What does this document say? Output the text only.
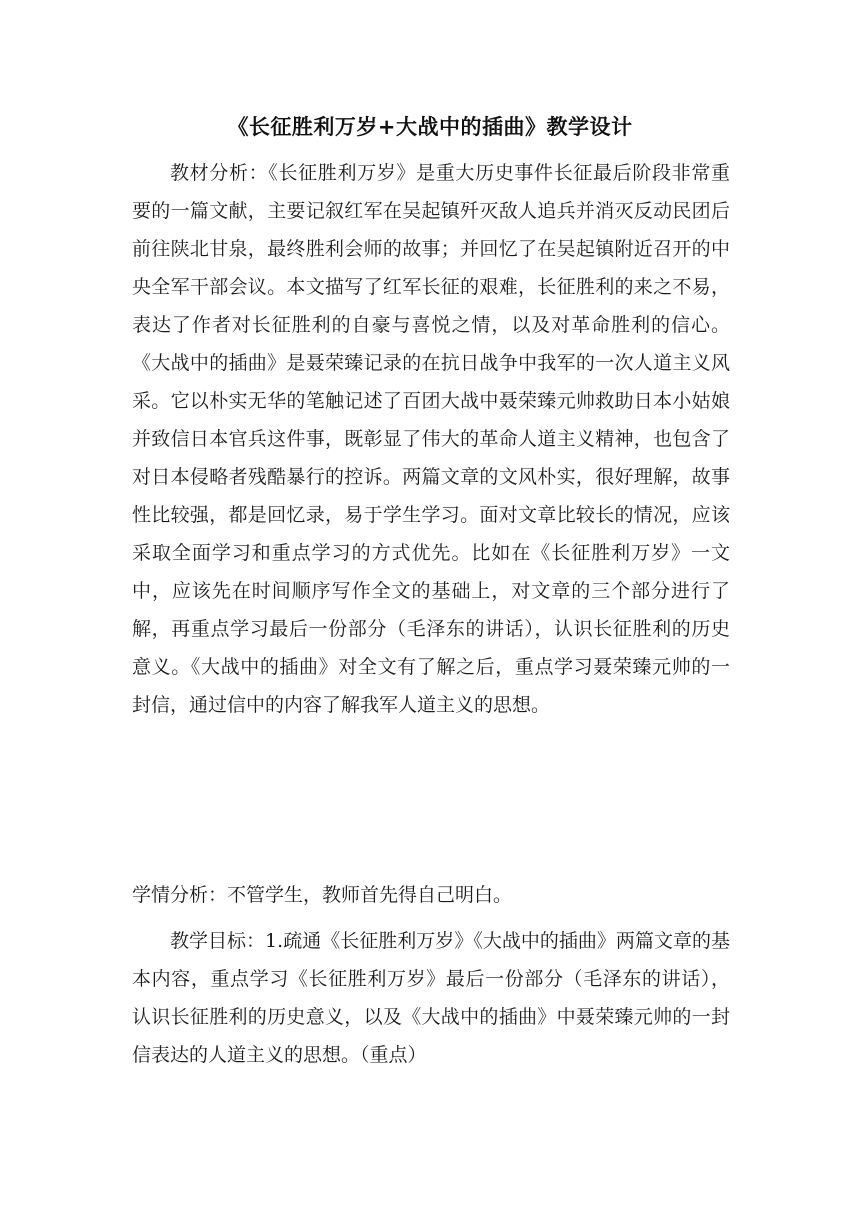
《长征胜利万岁+大战中的插曲》教学设计
教材分析：《长征胜利万岁》是重大历史事件长征最后阶段非常重要的一篇文献，主要记叙红军在吴起镇歼灭敌人追兵并消灭反动民团后前往陕北甘泉，最终胜利会师的故事；并回忆了在吴起镇附近召开的中央全军干部会议。本文描写了红军长征的艰难，长征胜利的来之不易，表达了作者对长征胜利的自豪与喜悦之情，以及对革命胜利的信心。《大战中的插曲》是聂荣臻记录的在抗日战争中我军的一次人道主义风采。它以朴实无华的笔触记述了百团大战中聂荣臻元帅救助日本小姑娘并致信日本官兵这件事，既彰显了伟大的革命人道主义精神，也包含了对日本侵略者残酷暴行的控诉。两篇文章的文风朴实，很好理解，故事性比较强，都是回忆录，易于学生学习。面对文章比较长的情况，应该采取全面学习和重点学习的方式优先。比如在《长征胜利万岁》一文中，应该先在时间顺序写作全文的基础上，对文章的三个部分进行了解，再重点学习最后一份部分（毛泽东的讲话），认识长征胜利的历史意义。《大战中的插曲》对全文有了解之后，重点学习聂荣臻元帅的一封信，通过信中的内容了解我军人道主义的思想。
学情分析：不管学生，教师首先得自己明白。
教学目标：1.疏通《长征胜利万岁》《大战中的插曲》两篇文章的基本内容，重点学习《长征胜利万岁》最后一份部分（毛泽东的讲话），认识长征胜利的历史意义，以及《大战中的插曲》中聂荣臻元帅的一封信表达的人道主义的思想。（重点）
